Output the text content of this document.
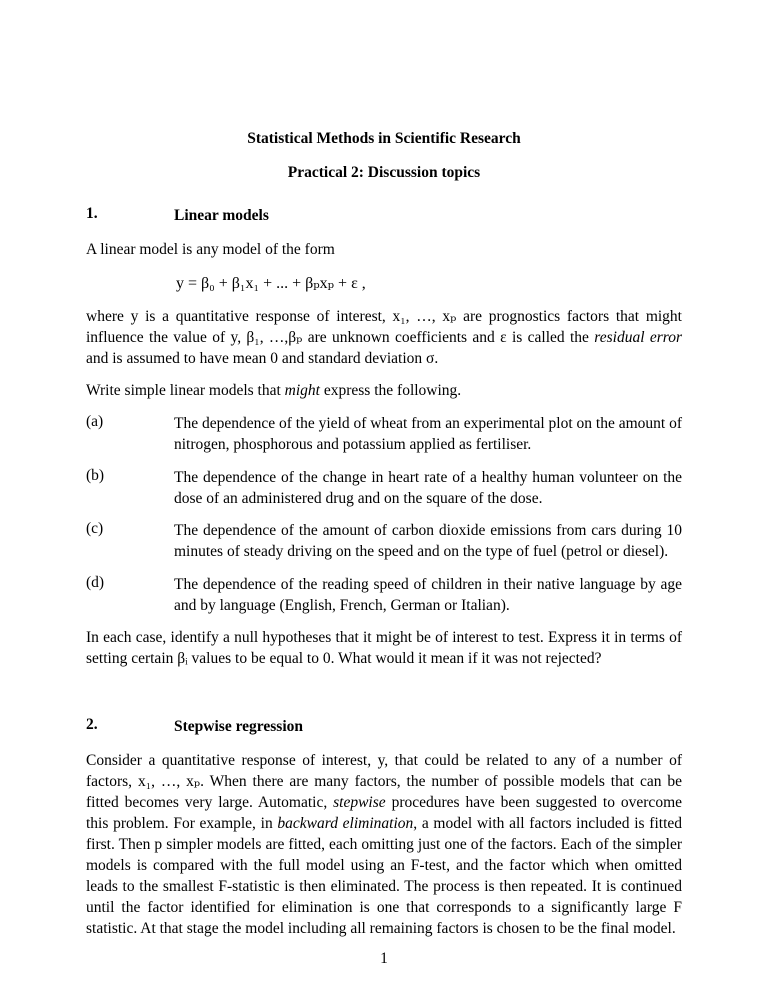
Statistical Methods in Scientific Research
Practical 2: Discussion topics
1.	Linear models
A linear model is any model of the form
y = β₀ + β₁x₁ + ... + βₚxₚ + ε ,
where y is a quantitative response of interest, x₁, …, xₚ are prognostics factors that might influence the value of y, β₁, …,βₚ are unknown coefficients and ε is called the residual error and is assumed to have mean 0 and standard deviation σ.
Write simple linear models that might express the following.
(a)	The dependence of the yield of wheat from an experimental plot on the amount of nitrogen, phosphorous and potassium applied as fertiliser.
(b)	The dependence of the change in heart rate of a healthy human volunteer on the dose of an administered drug and on the square of the dose.
(c)	The dependence of the amount of carbon dioxide emissions from cars during 10 minutes of steady driving on the speed and on the type of fuel (petrol or diesel).
(d)	The dependence of the reading speed of children in their native language by age and by language (English, French, German or Italian).
In each case, identify a null hypotheses that it might be of interest to test. Express it in terms of setting certain βᵢ values to be equal to 0. What would it mean if it was not rejected?
2.	Stepwise regression
Consider a quantitative response of interest, y, that could be related to any of a number of factors, x₁, …, xₚ. When there are many factors, the number of possible models that can be fitted becomes very large. Automatic, stepwise procedures have been suggested to overcome this problem. For example, in backward elimination, a model with all factors included is fitted first. Then p simpler models are fitted, each omitting just one of the factors. Each of the simpler models is compared with the full model using an F-test, and the factor which when omitted leads to the smallest F-statistic is then eliminated. The process is then repeated. It is continued until the factor identified for elimination is one that corresponds to a significantly large F statistic. At that stage the model including all remaining factors is chosen to be the final model.
1
